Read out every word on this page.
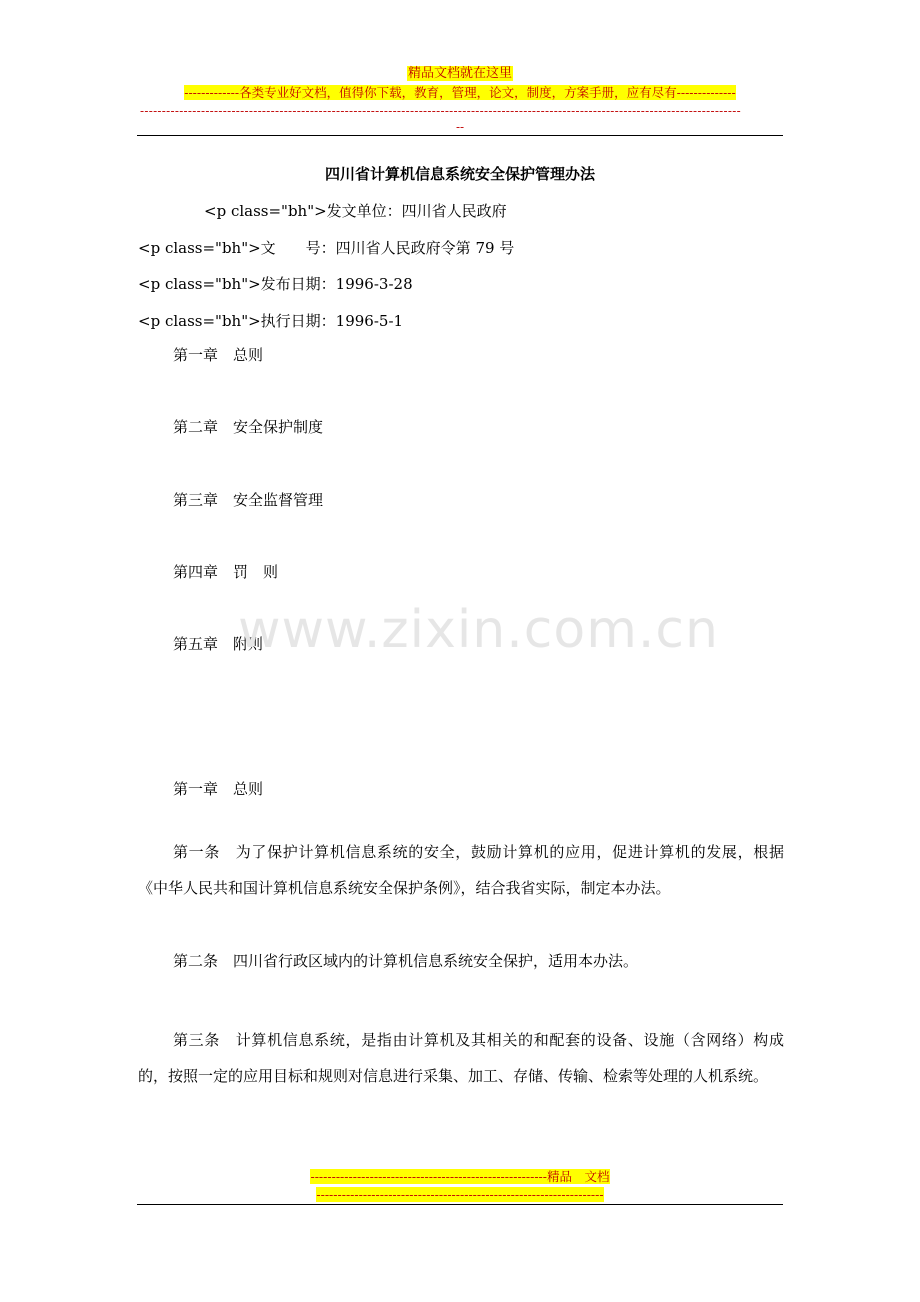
精品文档就在这里
-------------各类专业好文档，值得你下载，教育，管理，论文，制度，方案手册，应有尽有--------------
------------------------------------------------------------------------------------------------------------------------------------------
--
四川省计算机信息系统安全保护管理办法
<p class="bh">发文单位：四川省人民政府
<p class="bh">文　　号：四川省人民政府令第 79 号
<p class="bh">发布日期：1996-3-28
<p class="bh">执行日期：1996-5-1
第一章　总则
第二章　安全保护制度
第三章　安全监督管理
第四章　罚　则
第五章　附则
www.zixin.com.cn
第一章　总则
第一条　为了保护计算机信息系统的安全，鼓励计算机的应用，促进计算机的发展，根据《中华人民共和国计算机信息系统安全保护条例》，结合我省实际，制定本办法。
第二条　四川省行政区域内的计算机信息系统安全保护，适用本办法。
第三条　计算机信息系统，是指由计算机及其相关的和配套的设备、设施（含网络）构成的，按照一定的应用目标和规则对信息进行采集、加工、存储、传输、检索等处理的人机系统。
--------------------------------------------------------精品　文档
--------------------------------------------------------------------
